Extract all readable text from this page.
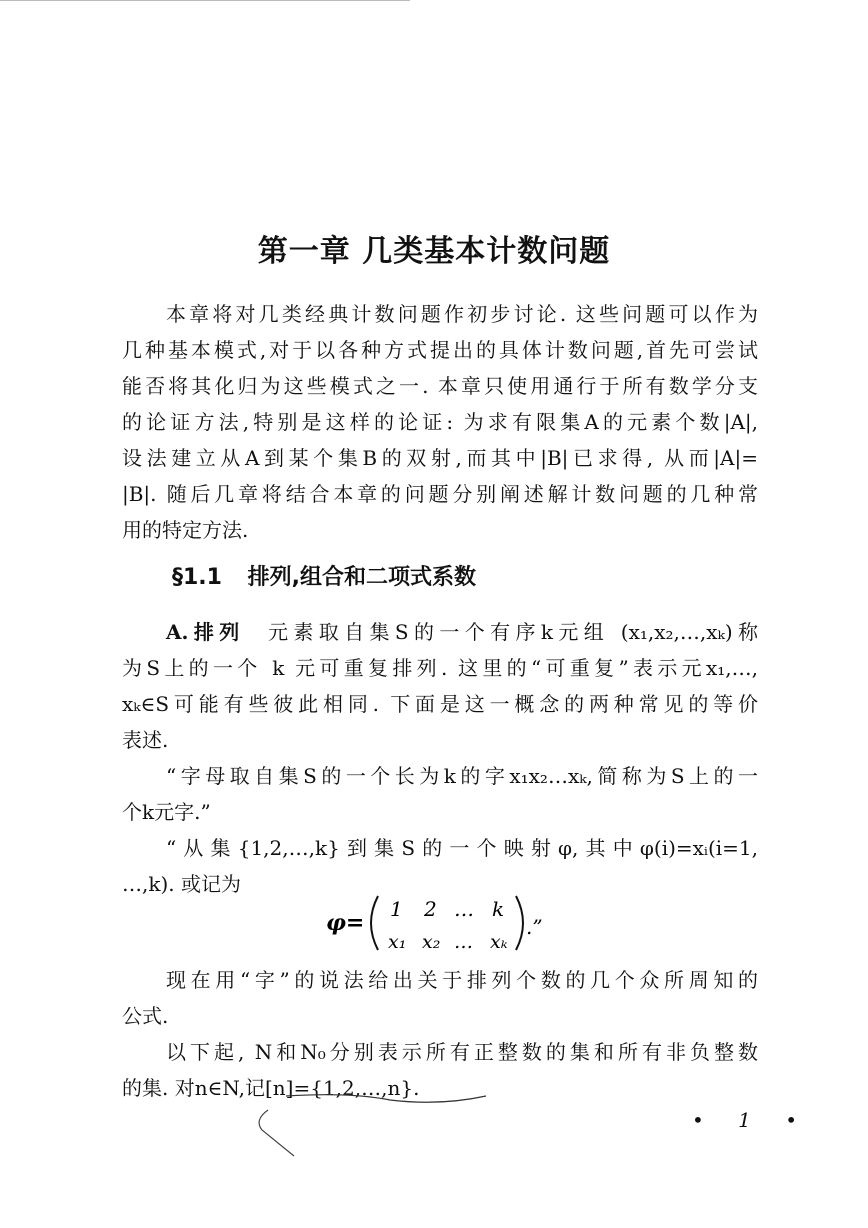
第一章 几类基本计数问题
本章将对几类经典计数问题作初步讨论. 这些问题可以作为
几种基本模式,对于以各种方式提出的具体计数问题,首先可尝试
能否将其化归为这些模式之一. 本章只使用通行于所有数学分支
的论证方法,特别是这样的论证: 为求有限集A的元素个数|A|,
设法建立从A到某个集B的双射,而其中|B|已求得, 从而|A|=
|B|. 随后几章将结合本章的问题分别阐述解计数问题的几种常
用的特定方法.
§1.1 排列,组合和二项式系数
A.排列 元素取自集S的一个有序k元组 (x₁,x₂,…,xₖ)称
为S上的一个 k 元可重复排列. 这里的“可重复”表示元x₁,…,
xₖ∈S可能有些彼此相同. 下面是这一概念的两种常见的等价
表述.
“字母取自集S的一个长为k的字x₁x₂…xₖ,简称为S上的一
个k元字.”
“从集{1,2,…,k}到集S的一个映射φ,其中φ(i)=xᵢ(i=1,
…,k). 或记为
φ=
1 2 … k
x₁ x₂ … xₖ
.”
现在用“字”的说法给出关于排列个数的几个众所周知的
公式.
以下起, N和N₀分别表示所有正整数的集和所有非负整数
的集. 对n∈N,记[n]={1,2,…,n}.
• 1 •
